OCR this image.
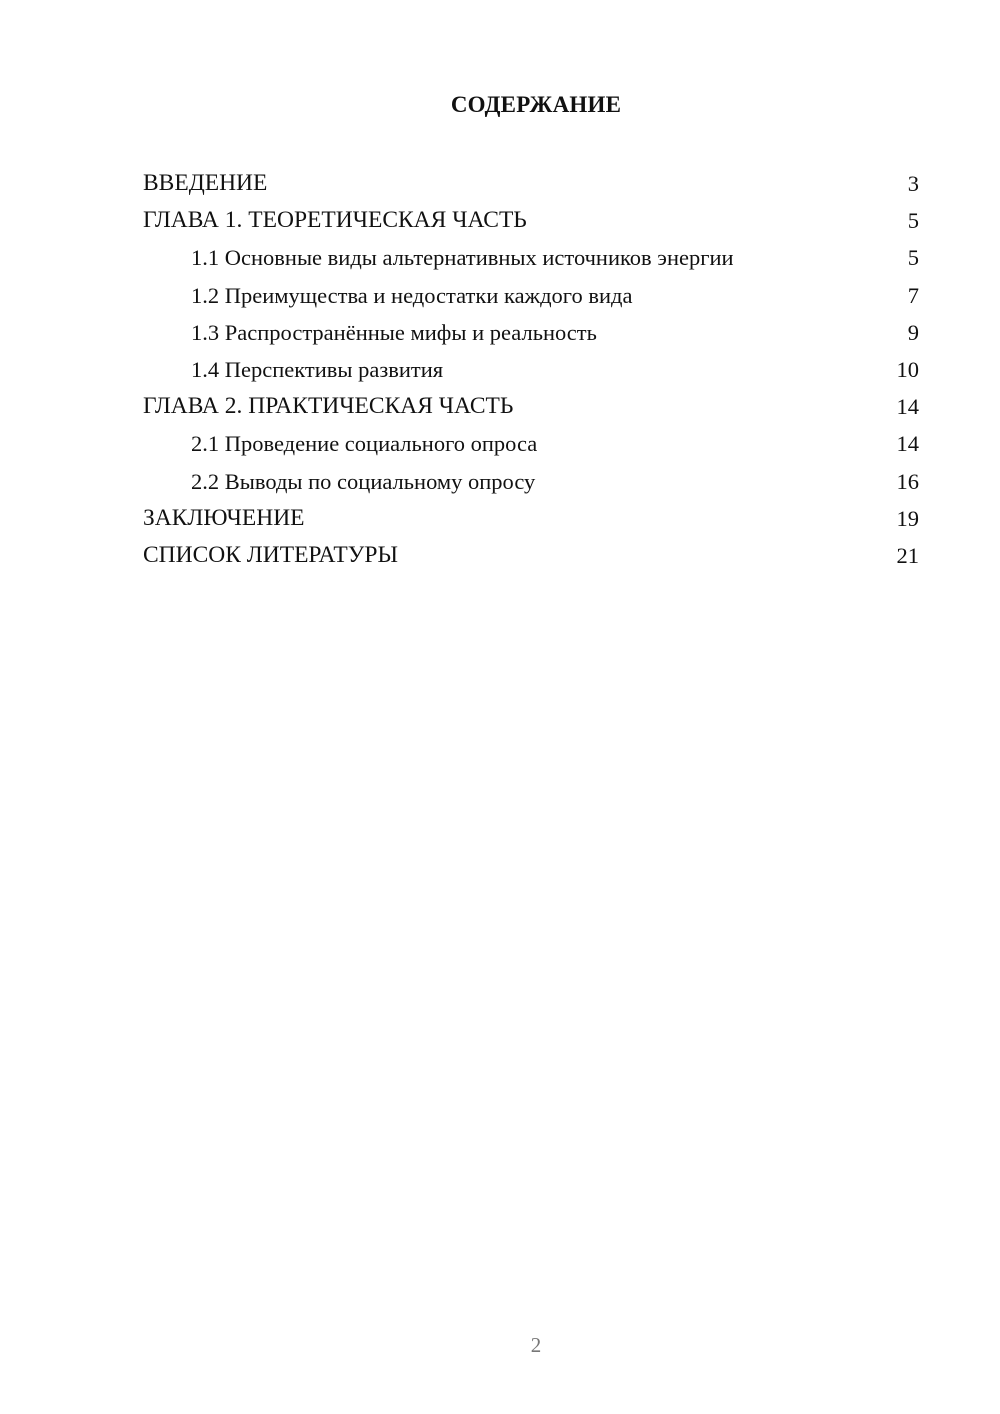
СОДЕРЖАНИЕ
ВВЕДЕНИЕ	3
ГЛАВА 1. ТЕОРЕТИЧЕСКАЯ ЧАСТЬ	5
1.1 Основные виды альтернативных источников энергии	5
1.2 Преимущества и недостатки каждого вида	7
1.3 Распространённые мифы и реальность	9
1.4 Перспективы развития	10
ГЛАВА 2. ПРАКТИЧЕСКАЯ ЧАСТЬ	14
2.1 Проведение социального опроса	14
2.2 Выводы по социальному опросу	16
ЗАКЛЮЧЕНИЕ	19
СПИСОК ЛИТЕРАТУРЫ	21
2
